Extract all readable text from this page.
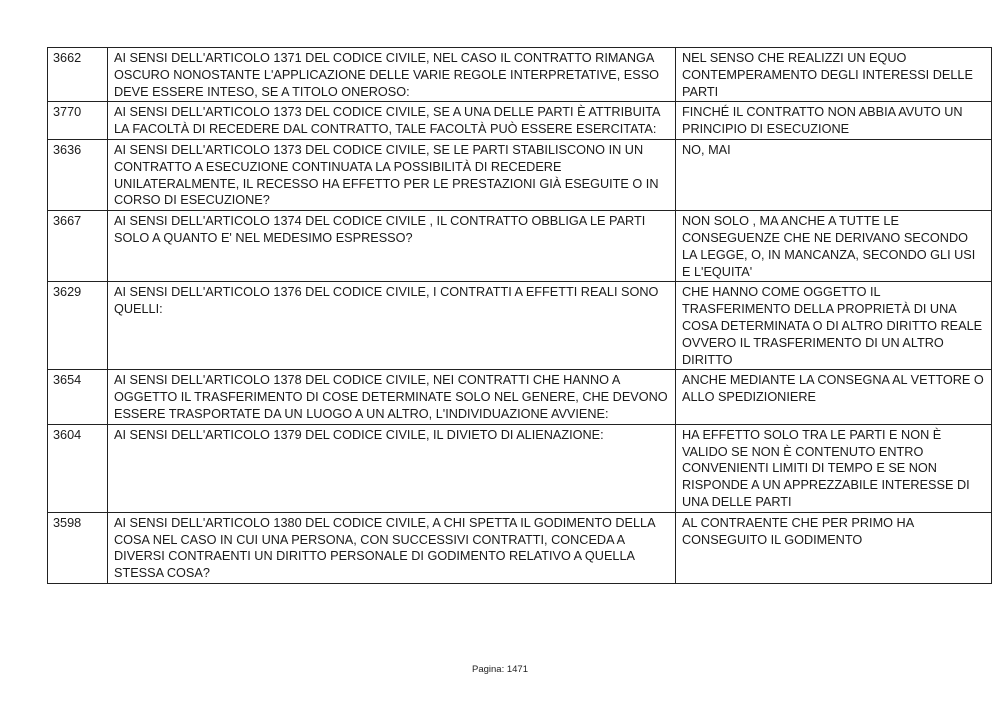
3662	AI SENSI DELL'ARTICOLO 1371 DEL CODICE CIVILE, NEL CASO IL CONTRATTO RIMANGA OSCURO NONOSTANTE L'APPLICAZIONE DELLE VARIE REGOLE INTERPRETATIVE, ESSO DEVE ESSERE INTESO, SE A TITOLO ONEROSO:	NEL SENSO CHE REALIZZI UN EQUO CONTEMPERAMENTO DEGLI INTERESSI DELLE PARTI
3770	AI SENSI DELL'ARTICOLO 1373 DEL CODICE CIVILE, SE A UNA DELLE PARTI È ATTRIBUITA LA FACOLTÀ DI RECEDERE DAL CONTRATTO, TALE FACOLTÀ PUÒ ESSERE ESERCITATA:	FINCHÉ IL CONTRATTO NON ABBIA AVUTO UN PRINCIPIO DI ESECUZIONE
3636	AI SENSI DELL'ARTICOLO 1373 DEL CODICE CIVILE, SE LE PARTI STABILISCONO IN UN CONTRATTO A ESECUZIONE CONTINUATA LA POSSIBILITÀ DI RECEDERE UNILATERALMENTE, IL RECESSO HA EFFETTO PER LE PRESTAZIONI GIÀ ESEGUITE O IN CORSO DI ESECUZIONE?	NO, MAI
3667	AI SENSI DELL'ARTICOLO 1374 DEL CODICE CIVILE , IL CONTRATTO OBBLIGA LE PARTI SOLO A QUANTO E' NEL MEDESIMO ESPRESSO?	NON SOLO , MA ANCHE A TUTTE LE CONSEGUENZE CHE NE DERIVANO SECONDO LA LEGGE, O, IN MANCANZA, SECONDO GLI USI E L'EQUITA'
3629	AI SENSI DELL'ARTICOLO 1376 DEL CODICE CIVILE, I CONTRATTI A EFFETTI REALI SONO QUELLI:	CHE HANNO COME OGGETTO IL TRASFERIMENTO DELLA PROPRIETÀ DI UNA COSA DETERMINATA O DI ALTRO DIRITTO REALE OVVERO IL TRASFERIMENTO DI UN ALTRO DIRITTO
3654	AI SENSI DELL'ARTICOLO 1378 DEL CODICE CIVILE, NEI CONTRATTI CHE HANNO A OGGETTO IL TRASFERIMENTO DI COSE DETERMINATE SOLO NEL GENERE, CHE DEVONO ESSERE TRASPORTATE DA UN LUOGO A UN ALTRO, L'INDIVIDUAZIONE AVVIENE:	ANCHE MEDIANTE LA CONSEGNA AL VETTORE O ALLO SPEDIZIONIERE
3604	AI SENSI DELL'ARTICOLO 1379 DEL CODICE CIVILE, IL DIVIETO DI ALIENAZIONE:	HA EFFETTO SOLO TRA LE PARTI E NON È VALIDO SE NON È CONTENUTO ENTRO CONVENIENTI LIMITI DI TEMPO E SE NON RISPONDE A UN APPREZZABILE INTERESSE DI UNA DELLE PARTI
3598	AI SENSI DELL'ARTICOLO 1380 DEL CODICE CIVILE, A CHI SPETTA IL GODIMENTO DELLA COSA NEL CASO IN CUI UNA PERSONA, CON SUCCESSIVI CONTRATTI, CONCEDA A DIVERSI CONTRAENTI UN DIRITTO PERSONALE DI GODIMENTO RELATIVO A QUELLA STESSA COSA?	AL CONTRAENTE CHE PER PRIMO HA CONSEGUITO IL GODIMENTO
Pagina: 1471
